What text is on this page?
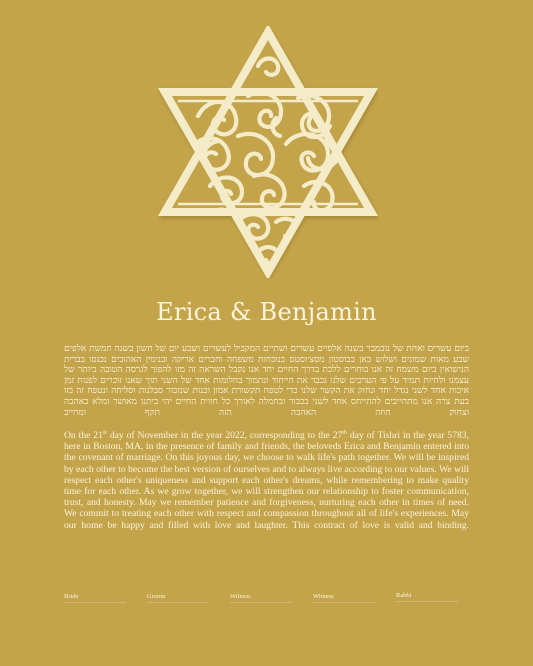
Erica & Benjamin
ביום עשרים ואחת של נובמבר בשנה אלפיים עשרים ושתיים המקביל לעשרים ושבע יום של חשון בשנה חמשת אלפים שבע מאות שמונים ושלוש כאן בבוסטון מסצ׳וסטס בנוכחות משפחה וחברים אריקה ובנימין האהובים נכנסו בברית הנישואין ביום משמח זה אנו בוחרים ללכת בדרך החיים יחד אנו נקבל השראה זה מזו להפוך לגרסה הטובה ביותר של עצמנו ולחיות תמיד על פי הערכים שלנו נכבד את הייחוד ונתמוך בחלומות אחד של השני תוך שאנו זוכרים לפנות זמן איכות אחד לשני נגדל יחד ונחזק את הקשר שלנו כדי לטפח תקשורת אמון וכנות שנזכור סבלנות וסליחה ונטפח זה בזו בעת צרה אנו מתחייבים להתייחס אחד לשני בכבוד ובחמלה לאורך כל חווית החיים יהי ביתנו מאושר ומלא באהבה וצחוק חוזה האהבה הזה תקף ומחייב
On the 21st day of November in the year 2022, corresponding to the 27th day of Tishri in the year 5783, here in Boston, MA, in the presence of family and friends, the beloveds Erica and Benjamin entered into the covenant of marriage. On this joyous day, we choose to walk life's path together. We will be inspired by each other to become the best version of ourselves and to always live according to our values. We will respect each other's uniqueness and support each other's dreams, while remembering to make quality time for each other. As we grow together, we will strengthen our relationship to foster communication, trust, and honesty. May we remember patience and forgiveness, nurturing each other in times of need. We commit to treating each other with respect and compassion throughout all of life's experiences. May our home be happy and filled with love and laughter. This contract of love is valid and binding.
Bride	Groom	Witness	Witness	Rabbi
